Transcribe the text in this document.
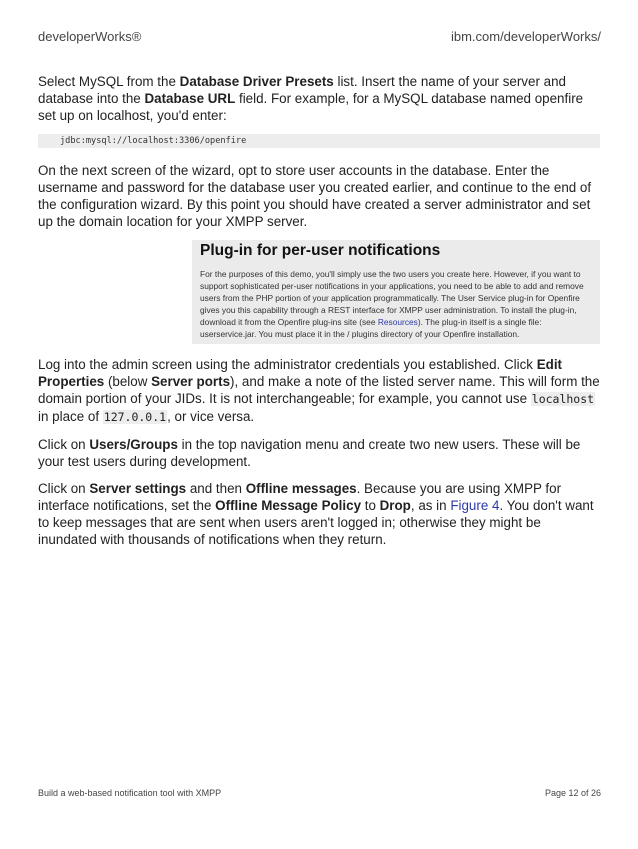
developerWorks®	ibm.com/developerWorks/

Select MySQL from the Database Driver Presets list. Insert the name of your server and database into the Database URL field. For example, for a MySQL database named openfire set up on localhost, you'd enter:

jdbc:mysql://localhost:3306/openfire

On the next screen of the wizard, opt to store user accounts in the database. Enter the username and password for the database user you created earlier, and continue to the end of the configuration wizard. By this point you should have created a server administrator and set up the domain location for your XMPP server.

Plug-in for per-user notifications
For the purposes of this demo, you'll simply use the two users you create here. However, if you want to support sophisticated per-user notifications in your applications, you need to be able to add and remove users from the PHP portion of your application programmatically. The User Service plug-in for Openfire gives you this capability through a REST interface for XMPP user administration. To install the plug-in, download it from the Openfire plug-ins site (see Resources). The plug-in itself is a single file: userservice.jar. You must place it in the / plugins directory of your Openfire installation.

Log into the admin screen using the administrator credentials you established. Click Edit Properties (below Server ports), and make a note of the listed server name. This will form the domain portion of your JIDs. It is not interchangeable; for example, you cannot use localhost in place of 127.0.0.1, or vice versa.

Click on Users/Groups in the top navigation menu and create two new users. These will be your test users during development.

Click on Server settings and then Offline messages. Because you are using XMPP for interface notifications, set the Offline Message Policy to Drop, as in Figure 4. You don't want to keep messages that are sent when users aren't logged in; otherwise they might be inundated with thousands of notifications when they return.

Build a web-based notification tool with XMPP	Page 12 of 26
